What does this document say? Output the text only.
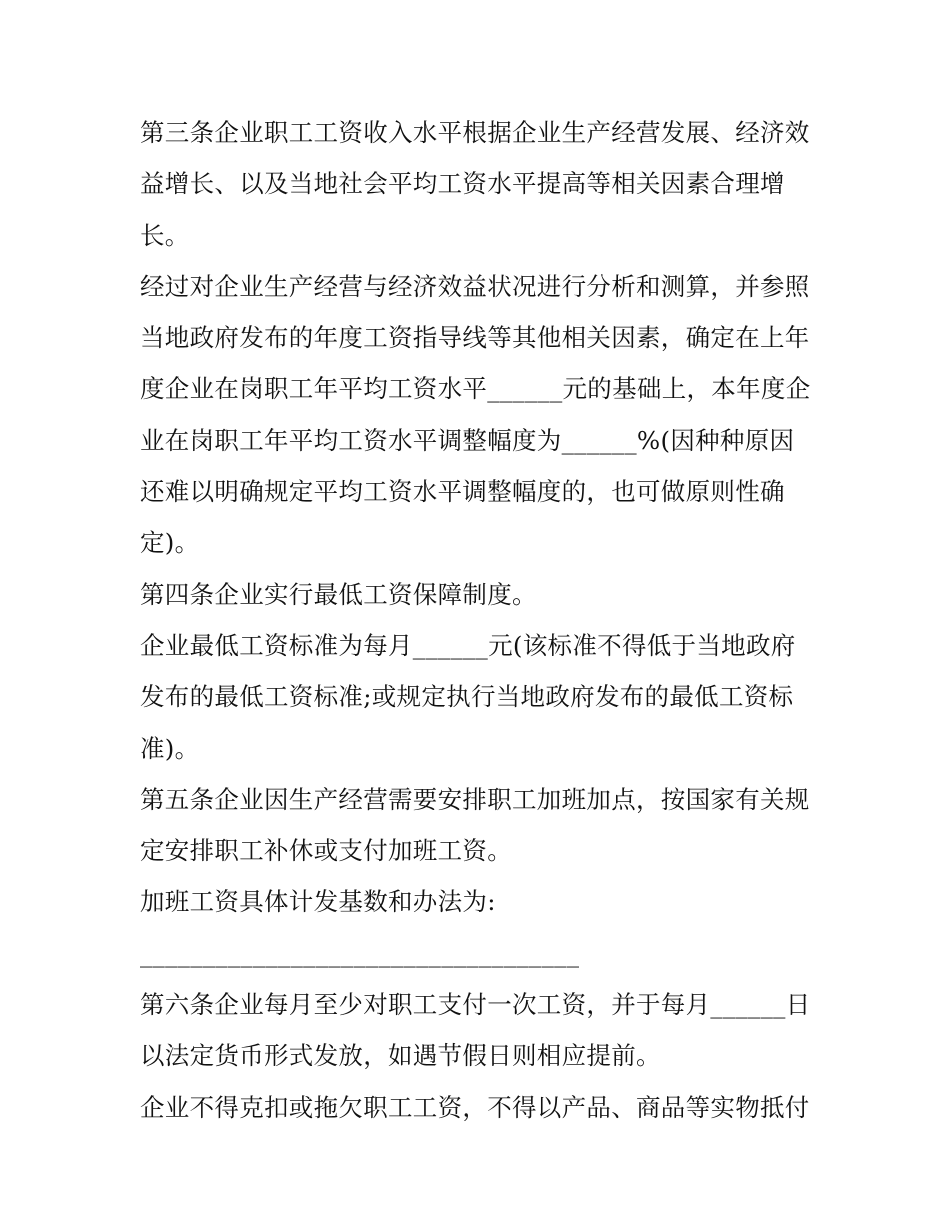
第三条企业职工工资收入水平根据企业生产经营发展、经济效益增长、以及当地社会平均工资水平提高等相关因素合理增长。

经过对企业生产经营与经济效益状况进行分析和测算，并参照当地政府发布的年度工资指导线等其他相关因素，确定在上年度企业在岗职工年平均工资水平______元的基础上，本年度企业在岗职工年平均工资水平调整幅度为______%(因种种原因还难以明确规定平均工资水平调整幅度的，也可做原则性确定)。

第四条企业实行最低工资保障制度。

企业最低工资标准为每月______元(该标准不得低于当地政府发布的最低工资标准;或规定执行当地政府发布的最低工资标准)。

第五条企业因生产经营需要安排职工加班加点，按国家有关规定安排职工补休或支付加班工资。

加班工资具体计发基数和办法为:

___________________________________

第六条企业每月至少对职工支付一次工资，并于每月______日以法定货币形式发放，如遇节假日则相应提前。

企业不得克扣或拖欠职工工资，不得以产品、商品等实物抵付
